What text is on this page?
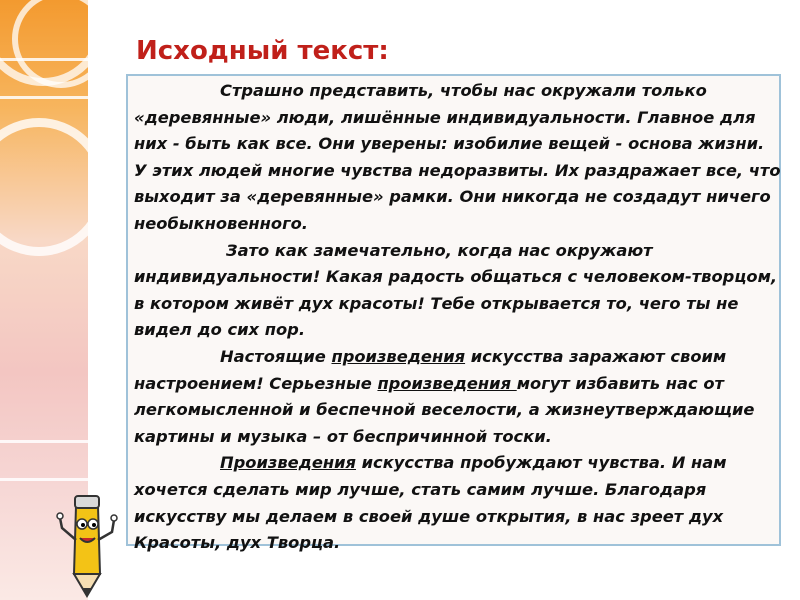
Исходный текст:

Страшно представить, чтобы нас окружали только «деревянные» люди, лишённые индивидуальности. Главное для них - быть как все. Они уверены: изобилие вещей - основа жизни. У этих людей многие чувства недоразвиты. Их раздражает все, что выходит за «деревянные» рамки. Они никогда не создадут ничего необыкновенного.

Зато как замечательно, когда нас окружают индивидуальности! Какая радость общаться с человеком-творцом, в котором живёт дух красоты! Тебе открывается то, чего ты не видел до сих пор.

Настоящие произведения искусства заражают своим настроением! Серьезные произведения могут избавить нас от легкомысленной и беспечной веселости, а жизнеутверждающие картины и музыка – от беспричинной тоски.

Произведения искусства пробуждают чувства. И нам хочется сделать мир лучше, стать самим лучше. Благодаря искусству мы делаем в своей душе открытия, в нас зреет дух Красоты, дух Творца.
